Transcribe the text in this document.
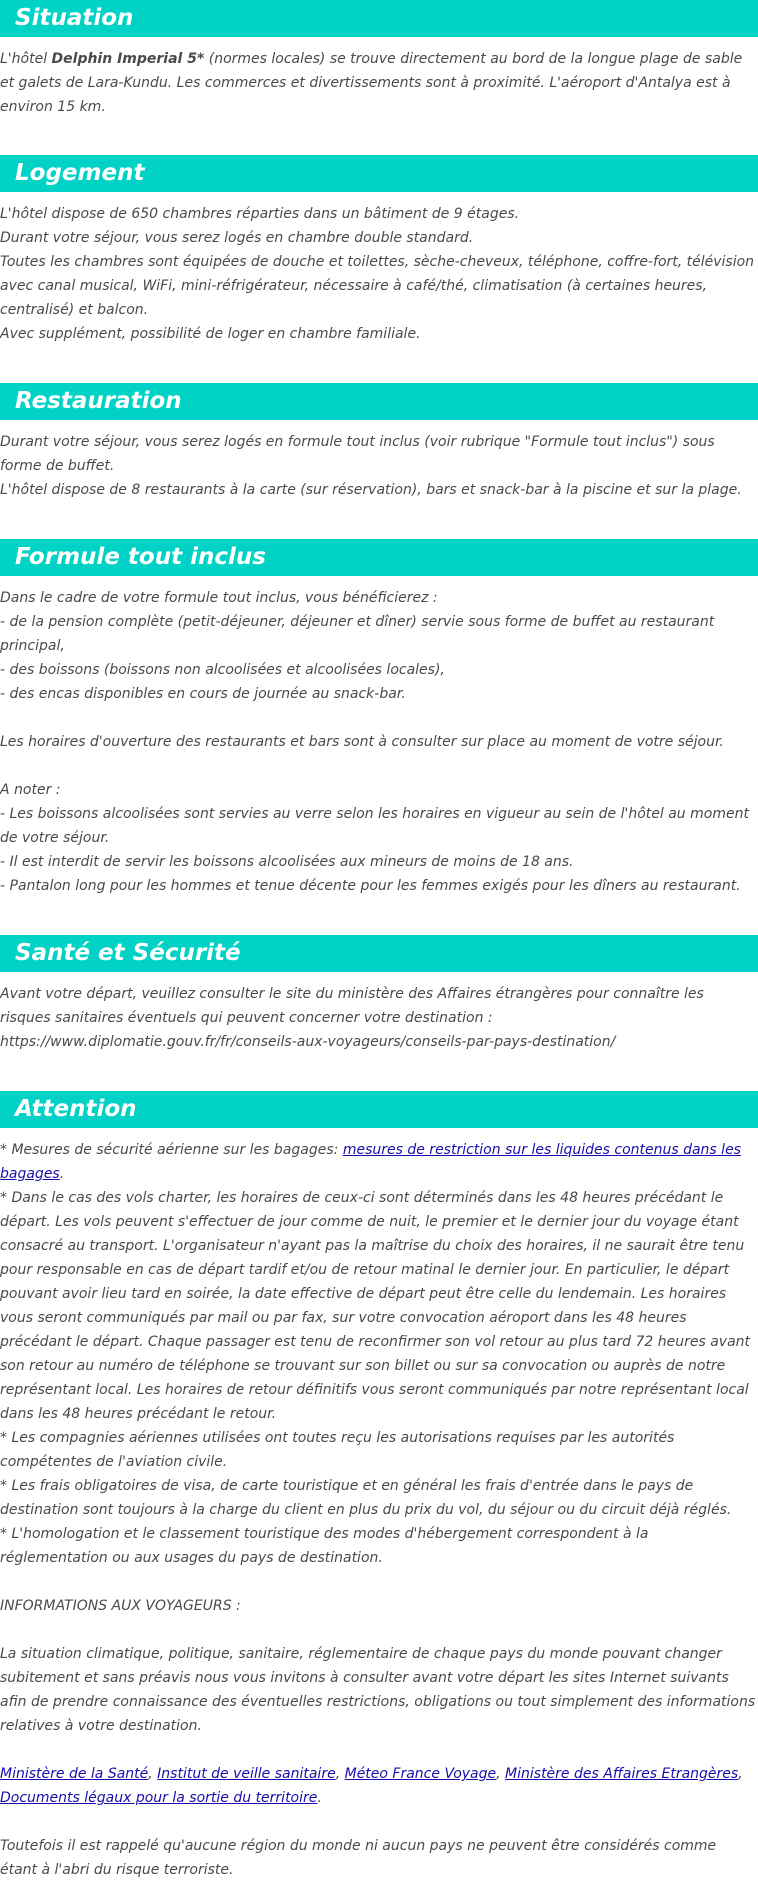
Situation

L'hôtel Delphin Imperial 5* (normes locales) se trouve directement au bord de la longue plage de sable et galets de Lara-Kundu. Les commerces et divertissements sont à proximité. L'aéroport d'Antalya est à environ 15 km.

Logement

L'hôtel dispose de 650 chambres réparties dans un bâtiment de 9 étages.

Durant votre séjour, vous serez logés en chambre double standard.

Toutes les chambres sont équipées de douche et toilettes, sèche-cheveux, téléphone, coffre-fort, télévision avec canal musical, WiFi, mini-réfrigérateur, nécessaire à café/thé, climatisation (à certaines heures, centralisé) et balcon.

Avec supplément, possibilité de loger en chambre familiale.

Restauration

Durant votre séjour, vous serez logés en formule tout inclus (voir rubrique "Formule tout inclus") sous forme de buffet.

L'hôtel dispose de 8 restaurants à la carte (sur réservation), bars et snack-bar à la piscine et sur la plage.

Formule tout inclus

Dans le cadre de votre formule tout inclus, vous bénéficierez :

- de la pension complète (petit-déjeuner, déjeuner et dîner) servie sous forme de buffet au restaurant principal,

- des boissons (boissons non alcoolisées et alcoolisées locales),

- des encas disponibles en cours de journée au snack-bar.

Les horaires d'ouverture des restaurants et bars sont à consulter sur place au moment de votre séjour.

A noter :

- Les boissons alcoolisées sont servies au verre selon les horaires en vigueur au sein de l'hôtel au moment de votre séjour.

- Il est interdit de servir les boissons alcoolisées aux mineurs de moins de 18 ans.

- Pantalon long pour les hommes et tenue décente pour les femmes exigés pour les dîners au restaurant.

Santé et Sécurité

Avant votre départ, veuillez consulter le site du ministère des Affaires étrangères pour connaître les risques sanitaires éventuels qui peuvent concerner votre destination : https://www.diplomatie.gouv.fr/fr/conseils-aux-voyageurs/conseils-par-pays-destination/

Attention

* Mesures de sécurité aérienne sur les bagages: mesures de restriction sur les liquides contenus dans les bagages.

* Dans le cas des vols charter, les horaires de ceux-ci sont déterminés dans les 48 heures précédant le départ. Les vols peuvent s'effectuer de jour comme de nuit, le premier et le dernier jour du voyage étant consacré au transport. L'organisateur n'ayant pas la maîtrise du choix des horaires, il ne saurait être tenu pour responsable en cas de départ tardif et/ou de retour matinal le dernier jour. En particulier, le départ pouvant avoir lieu tard en soirée, la date effective de départ peut être celle du lendemain. Les horaires vous seront communiqués par mail ou par fax, sur votre convocation aéroport dans les 48 heures précédant le départ. Chaque passager est tenu de reconfirmer son vol retour au plus tard 72 heures avant son retour au numéro de téléphone se trouvant sur son billet ou sur sa convocation ou auprès de notre représentant local. Les horaires de retour définitifs vous seront communiqués par notre représentant local dans les 48 heures précédant le retour.

* Les compagnies aériennes utilisées ont toutes reçu les autorisations requises par les autorités compétentes de l'aviation civile.

* Les frais obligatoires de visa, de carte touristique et en général les frais d'entrée dans le pays de destination sont toujours à la charge du client en plus du prix du vol, du séjour ou du circuit déjà réglés.

* L'homologation et le classement touristique des modes d'hébergement correspondent à la réglementation ou aux usages du pays de destination.

INFORMATIONS AUX VOYAGEURS :

La situation climatique, politique, sanitaire, réglementaire de chaque pays du monde pouvant changer subitement et sans préavis nous vous invitons à consulter avant votre départ les sites Internet suivants afin de prendre connaissance des éventuelles restrictions, obligations ou tout simplement des informations relatives à votre destination.

Ministère de la Santé, Institut de veille sanitaire, Méteo France Voyage, Ministère des Affaires Etrangères, Documents légaux pour la sortie du territoire.

Toutefois il est rappelé qu'aucune région du monde ni aucun pays ne peuvent être considérés comme étant à l'abri du risque terroriste.
